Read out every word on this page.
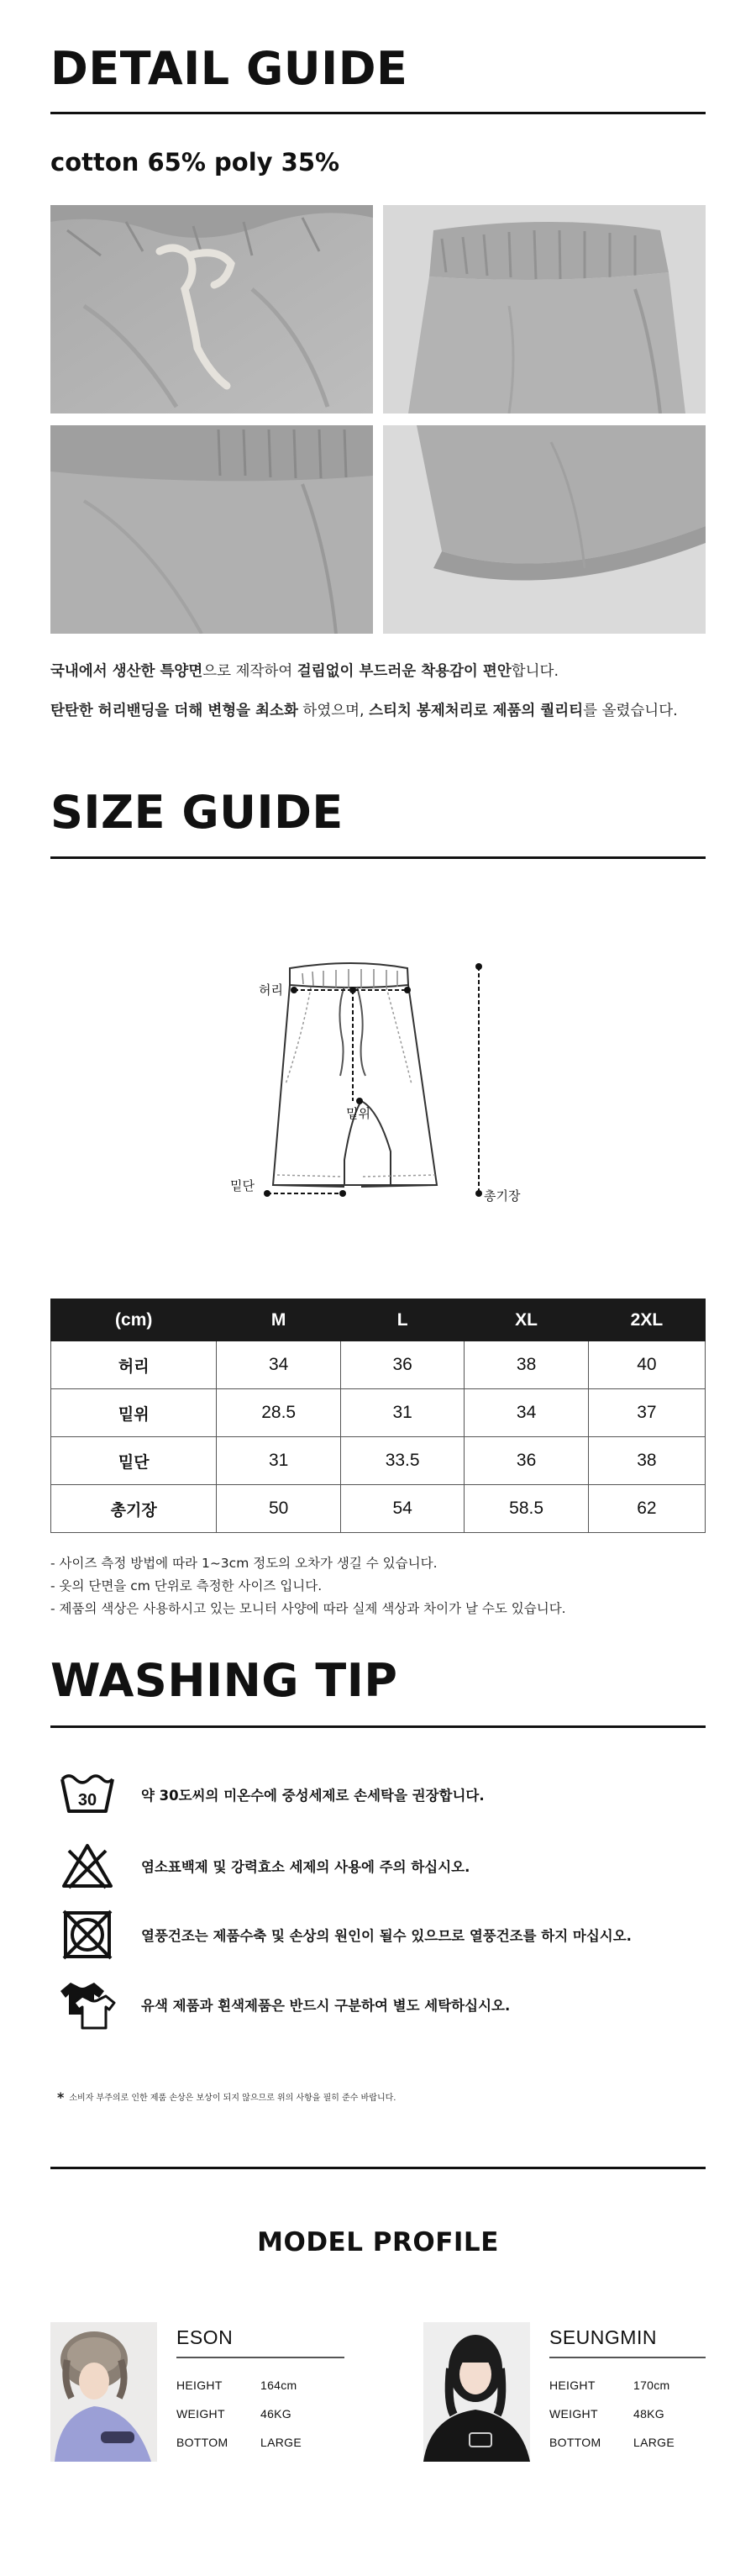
DETAIL GUIDE
cotton 65% poly 35%
국내에서 생산한 특양면으로 제작하여 걸림없이 부드러운 착용감이 편안합니다.
탄탄한 허리밴딩을 더해 변형을 최소화 하였으며, 스티치 봉제처리로 제품의 퀄리티를 올렸습니다.
SIZE GUIDE
허리
밑위
밑단
총기장
(cm)	M	L	XL	2XL
허리	34	36	38	40
밑위	28.5	31	34	37
밑단	31	33.5	36	38
총기장	50	54	58.5	62
- 사이즈 측정 방법에 따라 1~3cm 정도의 오차가 생길 수 있습니다.
- 옷의 단면을 cm 단위로 측정한 사이즈 입니다.
- 제품의 색상은 사용하시고 있는 모니터 사양에 따라 실제 색상과 차이가 날 수도 있습니다.
WASHING TIP
30	약 30도씨의 미온수에 중성세제로 손세탁을 권장합니다.
염소표백제 및 강력효소 세제의 사용에 주의 하십시오.
열풍건조는 제품수축 및 손상의 원인이 될수 있으므로 열풍건조를 하지 마십시오.
유색 제품과 흰색제품은 반드시 구분하여 별도 세탁하십시오.
* 소비자 부주의로 인한 제품 손상은 보상이 되지 않으므로 위의 사항을 필히 준수 바랍니다.
MODEL PROFILE
ESON
HEIGHT	164cm
WEIGHT	46KG
BOTTOM	LARGE
SEUNGMIN
HEIGHT	170cm
WEIGHT	48KG
BOTTOM	LARGE
